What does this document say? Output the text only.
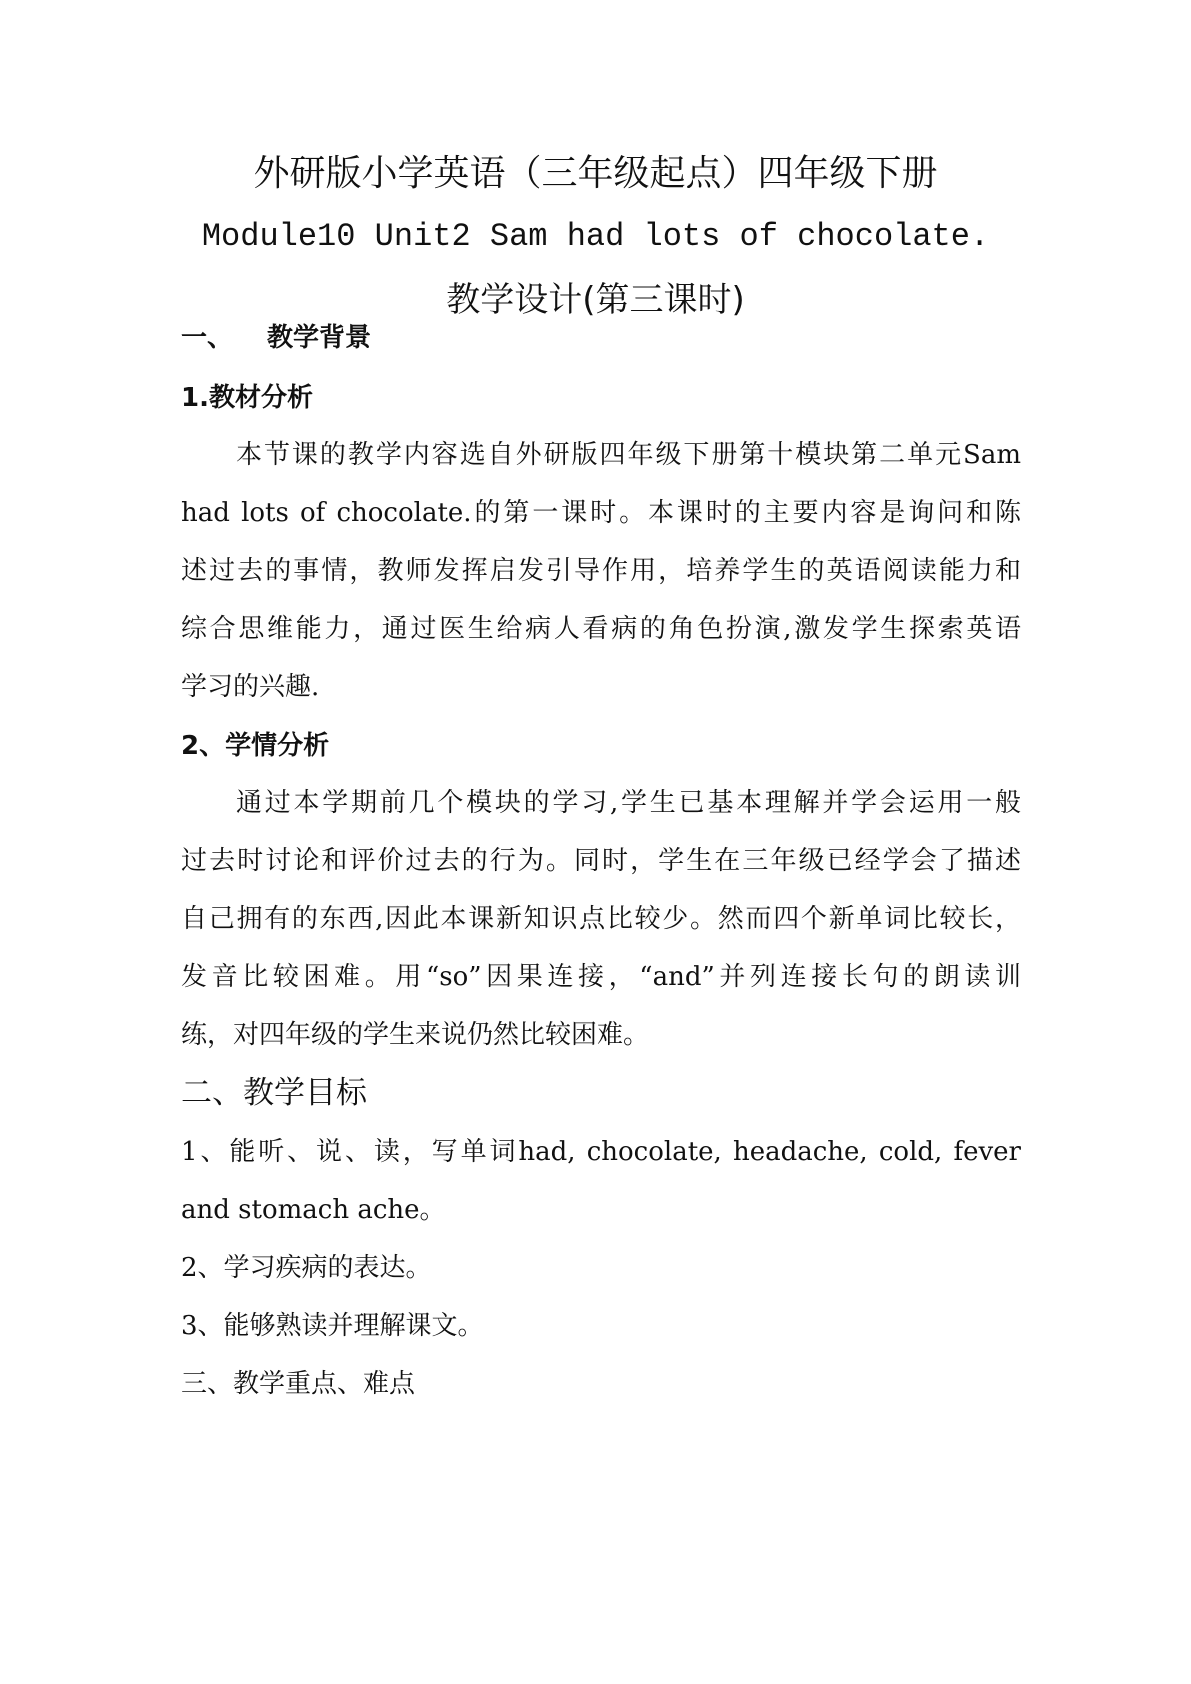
外研版小学英语（三年级起点）四年级下册
Module10 Unit2 Sam had lots of chocolate.
教学设计(第三课时)
一、 教学背景
1.教材分析
本节课的教学内容选自外研版四年级下册第十模块第二单元Sam
had lots of chocolate.的第一课时。本课时的主要内容是询问和陈
述过去的事情，教师发挥启发引导作用，培养学生的英语阅读能力和
综合思维能力，通过医生给病人看病的角色扮演,激发学生探索英语
学习的兴趣.
2、学情分析
通过本学期前几个模块的学习,学生已基本理解并学会运用一般
过去时讨论和评价过去的行为。同时，学生在三年级已经学会了描述
自己拥有的东西,因此本课新知识点比较少。然而四个新单词比较长，
发音比较困难。用“so”因果连接，“and”并列连接长句的朗读训
练，对四年级的学生来说仍然比较困难。
二、教学目标
1、能听、说、读，写单词had, chocolate, headache, cold, fever
and stomach ache。
2、学习疾病的表达。
3、能够熟读并理解课文。
三、教学重点、难点
